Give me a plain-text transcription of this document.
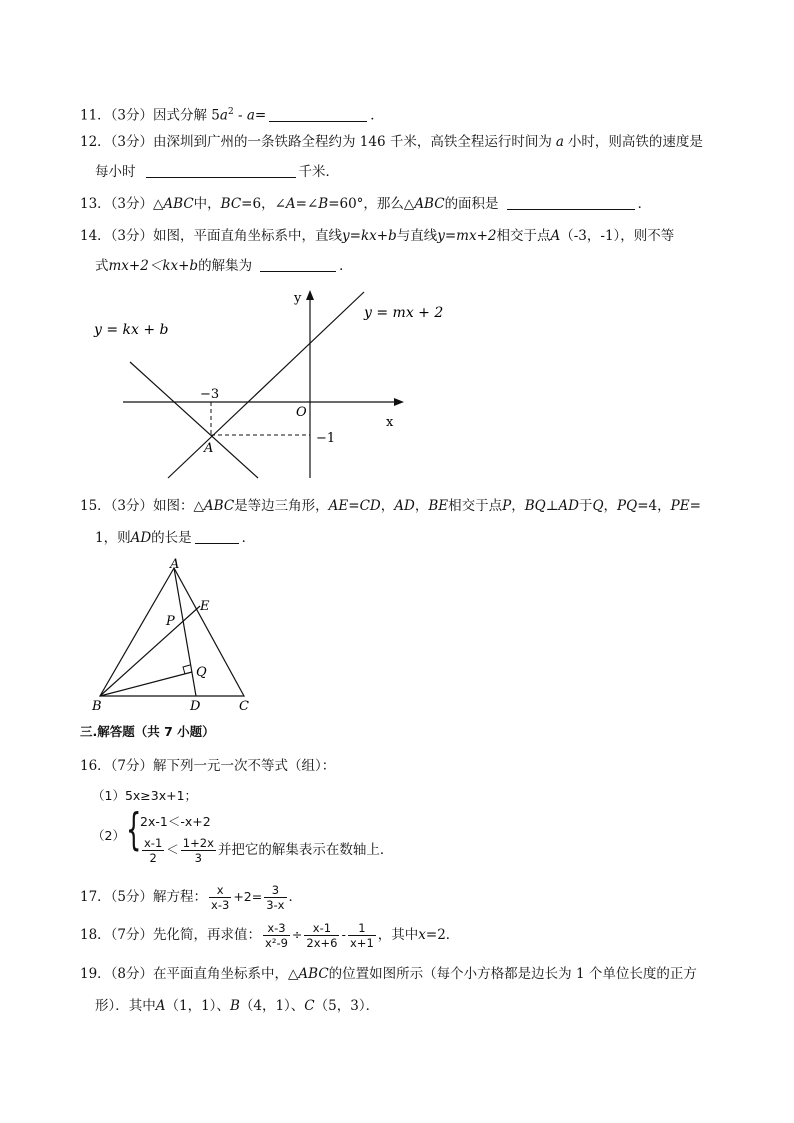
11．（3分）因式分解 $5a^2 - a=$	．
12．（3分）由深圳到广州的一条铁路全程约为 146 千米，高铁全程运行时间为 a 小时，则高铁的速度是
每小时	千米．
13．（3分）△ABC中，BC=6，∠A=∠B=60°，那么△ABC的面积是	．
14．（3分）如图，平面直角坐标系中，直线y=kx+b与直线y=mx+2相交于点A（-3，-1），则不等
式mx+2＜kx+b的解集为	．
y = kx + b
y = mx + 2
y
x
O
−3
−1
A
15．（3分）如图：△ABC是等边三角形，AE=CD，AD，BE相交于点P，BQ⊥AD于Q，PQ=4，PE=
1，则AD的长是	．
A
B	C
D
E
P
Q
三.解答题（共 7 小题）
16．（7分）解下列一元一次不等式（组）：
（1）5x≥3x+1；
（2） {
2x-1＜-x+2
$\frac{x-1}{2} < \frac{1+2x}{3}$ 并把它的解集表示在数轴上．
17．（5分）解方程： $\frac{x}{x-3} +2= \frac{3}{3-x}$ ．
18．（7分）先化简，再求值： $\frac{x-3}{\text{x²-9}} \div \frac{x-1}{2x+6} - \frac{1}{x+1}$ ，其中x=2．
19．（8分）在平面直角坐标系中，△ABC的位置如图所示（每个小方格都是边长为 1 个单位长度的正方
形）．其中A（1，1）、B（4，1）、C（5，3）．
